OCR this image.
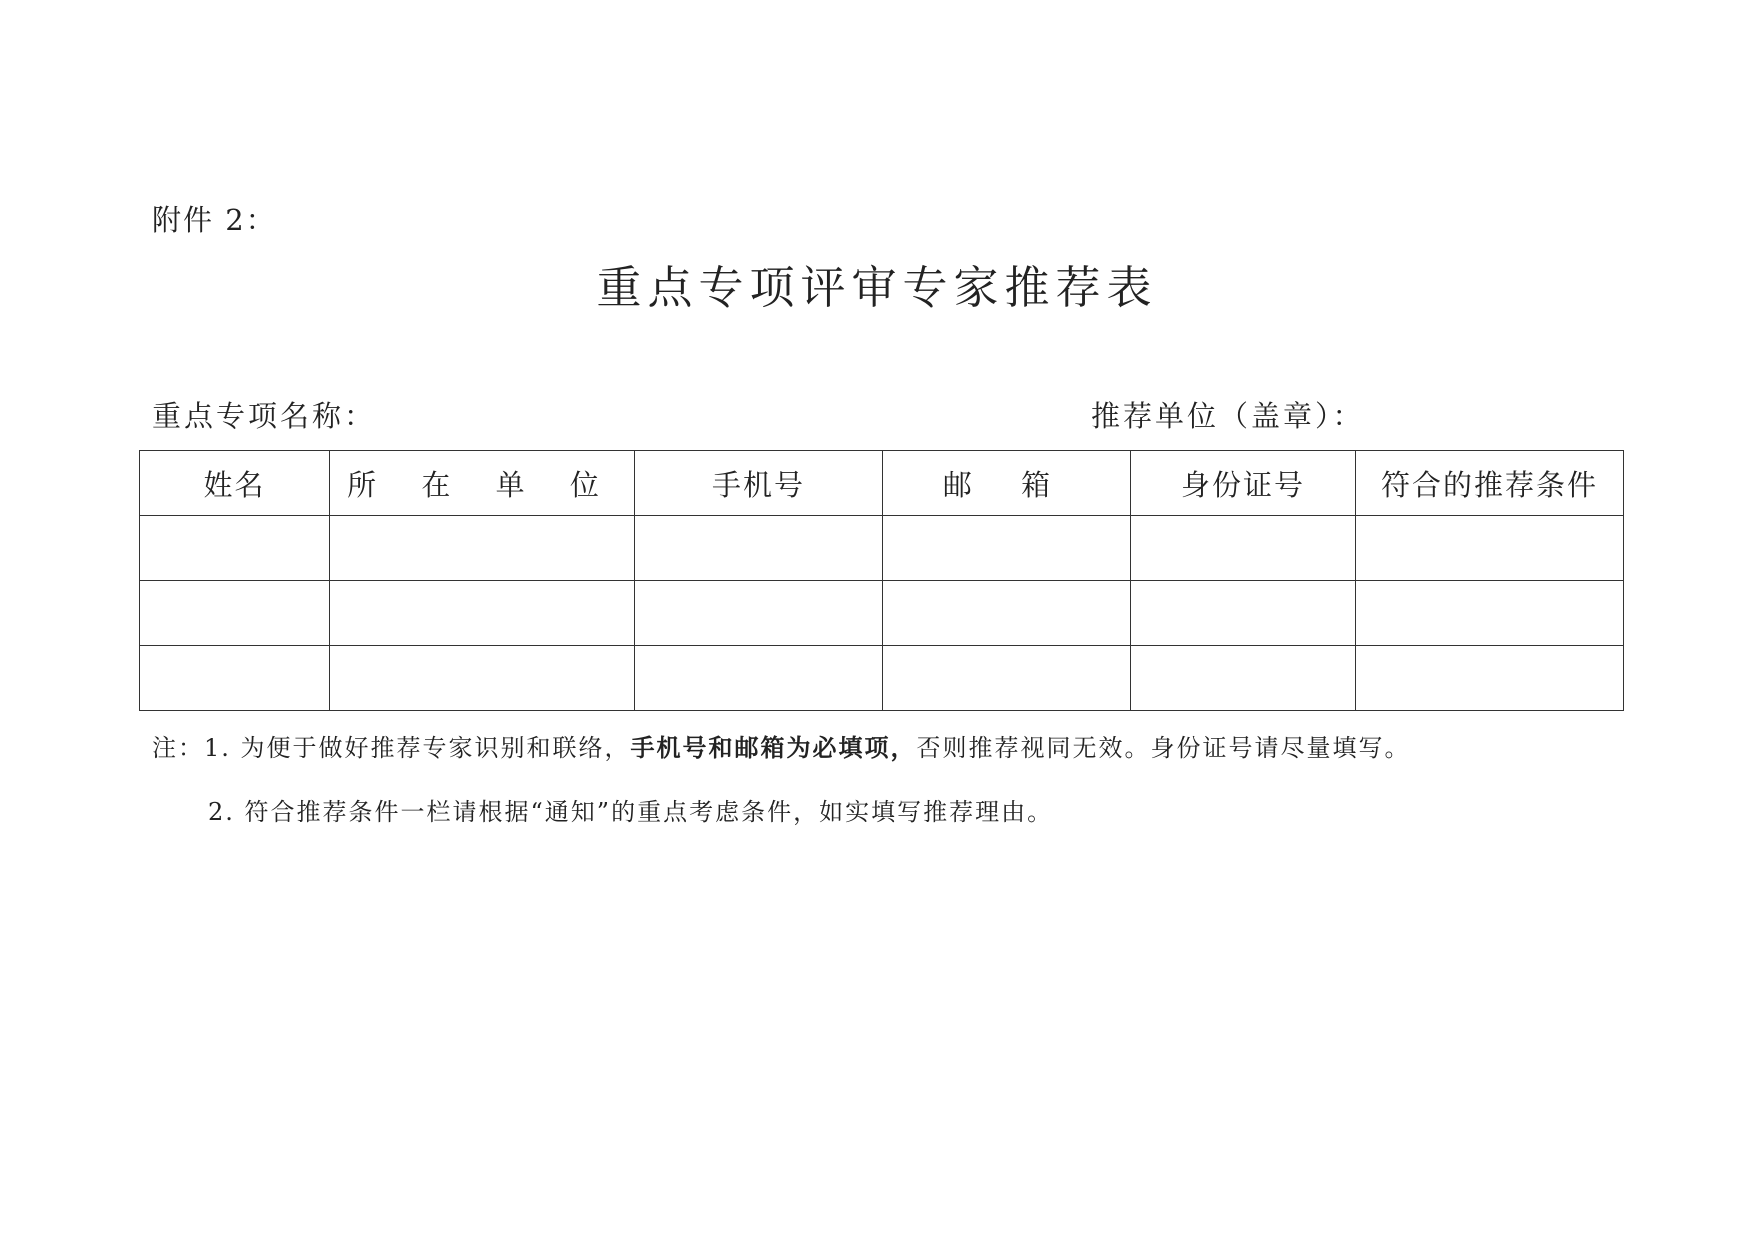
附件 2：
重点专项评审专家推荐表
重点专项名称：	推荐单位（盖章）：
姓名	所 在 单 位	手机号	邮 箱	身份证号	符合的推荐条件

注：1. 为便于做好推荐专家识别和联络，手机号和邮箱为必填项，否则推荐视同无效。身份证号请尽量填写。
2. 符合推荐条件一栏请根据“通知”的重点考虑条件，如实填写推荐理由。
